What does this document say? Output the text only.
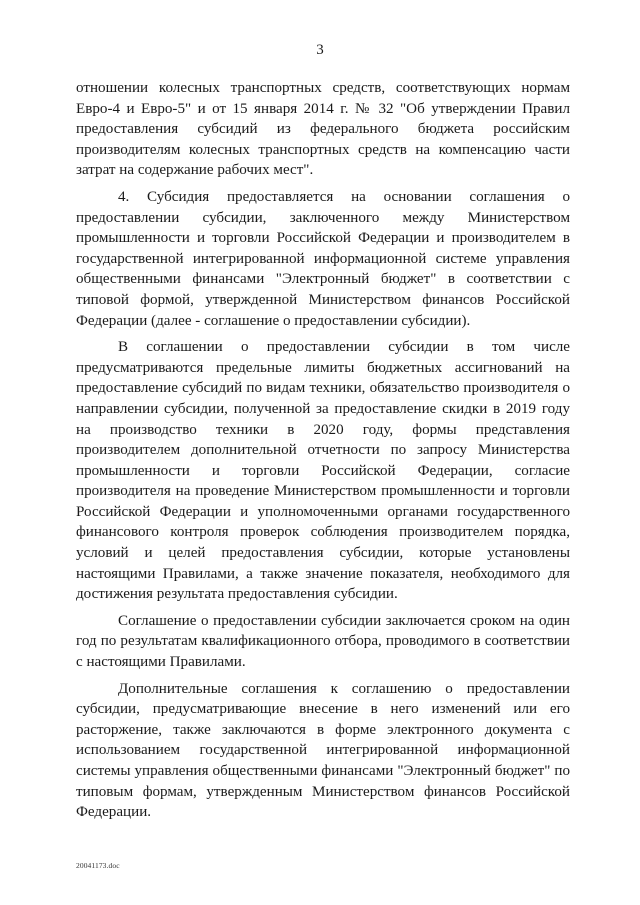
3

отношении колесных транспортных средств, соответствующих нормам Евро-4 и Евро-5" и от 15 января 2014 г. № 32 "Об утверждении Правил предоставления субсидий из федерального бюджета российским производителям колесных транспортных средств на компенсацию части затрат на содержание рабочих мест".

4. Субсидия предоставляется на основании соглашения о предоставлении субсидии, заключенного между Министерством промышленности и торговли Российской Федерации и производителем в государственной интегрированной информационной системе управления общественными финансами "Электронный бюджет" в соответствии с типовой формой, утвержденной Министерством финансов Российской Федерации (далее - соглашение о предоставлении субсидии).

В соглашении о предоставлении субсидии в том числе предусматриваются предельные лимиты бюджетных ассигнований на предоставление субсидий по видам техники, обязательство производителя о направлении субсидии, полученной за предоставление скидки в 2019 году на производство техники в 2020 году, формы представления производителем дополнительной отчетности по запросу Министерства промышленности и торговли Российской Федерации, согласие производителя на проведение Министерством промышленности и торговли Российской Федерации и уполномоченными органами государственного финансового контроля проверок соблюдения производителем порядка, условий и целей предоставления субсидии, которые установлены настоящими Правилами, а также значение показателя, необходимого для достижения результата предоставления субсидии.

Соглашение о предоставлении субсидии заключается сроком на один год по результатам квалификационного отбора, проводимого в соответствии с настоящими Правилами.

Дополнительные соглашения к соглашению о предоставлении субсидии, предусматривающие внесение в него изменений или его расторжение, также заключаются в форме электронного документа с использованием государственной интегрированной информационной системы управления общественными финансами "Электронный бюджет" по типовым формам, утвержденным Министерством финансов Российской Федерации.

20041173.doc
